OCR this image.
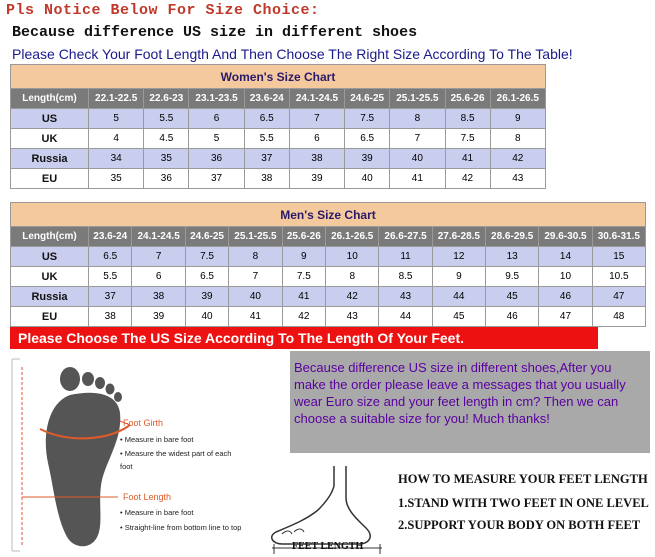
Pls Notice Below For Size Choice:
Because difference US size in different shoes
Please Check Your Foot Length And Then Choose The Right Size According To The Table!
Women's Size Chart									
Length(cm)	22.1-22.5	22.6-23	23.1-23.5	23.6-24	24.1-24.5	24.6-25	25.1-25.5	25.6-26	26.1-26.5
US	5	5.5	6	6.5	7	7.5	8	8.5	9
UK	4	4.5	5	5.5	6	6.5	7	7.5	8
Russia	34	35	36	37	38	39	40	41	42
EU	35	36	37	38	39	40	41	42	43
Men's Size Chart											
Length(cm)	23.6-24	24.1-24.5	24.6-25	25.1-25.5	25.6-26	26.1-26.5	26.6-27.5	27.6-28.5	28.6-29.5	29.6-30.5	30.6-31.5
US	6.5	7	7.5	8	9	10	11	12	13	14	15
UK	5.5	6	6.5	7	7.5	8	8.5	9	9.5	10	10.5
Russia	37	38	39	40	41	42	43	44	45	46	47
EU	38	39	40	41	42	43	44	45	46	47	48
Please Choose The US Size According To The Length Of Your Feet.
Because difference US size in different shoes,After you make the order please leave a messages that you usually wear Euro size and your feet length in cm? Then we can choose a suitable size for you! Much thanks!
Foot Girth
• Measure in bare foot
• Measure the widest part of each
foot
Foot Length
• Measure in bare foot
• Straight-line from bottom line to top
FEET LENGTH
HOW TO MEASURE YOUR FEET LENGTH
1.STAND WITH TWO FEET IN ONE LEVEL
2.SUPPORT YOUR BODY ON BOTH FEET
